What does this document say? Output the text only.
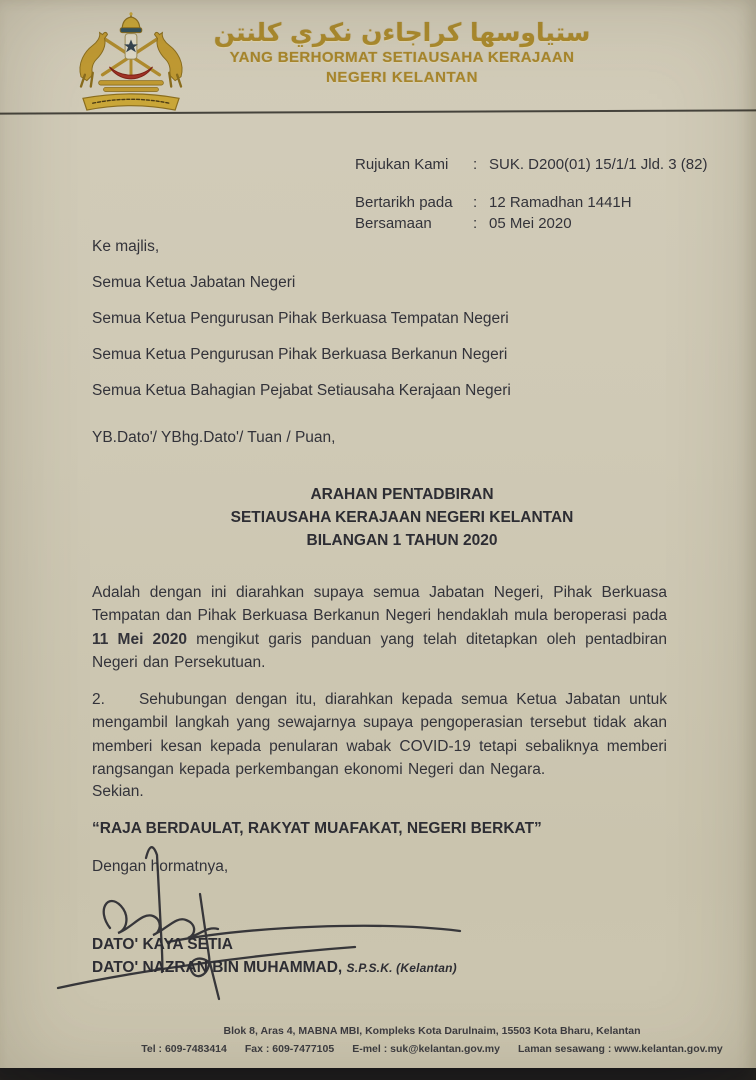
ستياوسها كراجاءن نكري كلنتن
YANG BERHORMAT SETIAUSAHA KERAJAAN
NEGERI KELANTAN
Rujukan Kami	: SUK. D200(01) 15/1/1 Jld. 3 (82)
Bertarikh pada	: 12 Ramadhan 1441H
Bersamaan	: 05 Mei 2020
Ke majlis,
Semua Ketua Jabatan Negeri
Semua Ketua Pengurusan Pihak Berkuasa Tempatan Negeri
Semua Ketua Pengurusan Pihak Berkuasa Berkanun Negeri
Semua Ketua Bahagian Pejabat Setiausaha Kerajaan Negeri
YB.Dato'/ YBhg.Dato'/ Tuan / Puan,
ARAHAN PENTADBIRAN
SETIAUSAHA KERAJAAN NEGERI KELANTAN
BILANGAN 1 TAHUN 2020

Adalah dengan ini diarahkan supaya semua Jabatan Negeri, Pihak Berkuasa Tempatan dan Pihak Berkuasa Berkanun Negeri hendaklah mula beroperasi pada 11 Mei 2020 mengikut garis panduan yang telah ditetapkan oleh pentadbiran Negeri dan Persekutuan.

2. Sehubungan dengan itu, diarahkan kepada semua Ketua Jabatan untuk mengambil langkah yang sewajarnya supaya pengoperasian tersebut tidak akan memberi kesan kepada penularan wabak COVID-19 tetapi sebaliknya memberi rangsangan kepada perkembangan ekonomi Negeri dan Negara.

Sekian.
“RAJA BERDAULAT, RAKYAT MUAFAKAT, NEGERI BERKAT”
Dengan hormatnya,
DATO' KAYA SETIA
DATO' NAZRAN BIN MUHAMMAD, S.P.S.K. (Kelantan)
Blok 8, Aras 4, MABNA MBI, Kompleks Kota Darulnaim, 15503 Kota Bharu, Kelantan
Tel : 609-7483414 Fax : 609-7477105 E-mel : suk@kelantan.gov.my Laman sesawang : www.kelantan.gov.my
